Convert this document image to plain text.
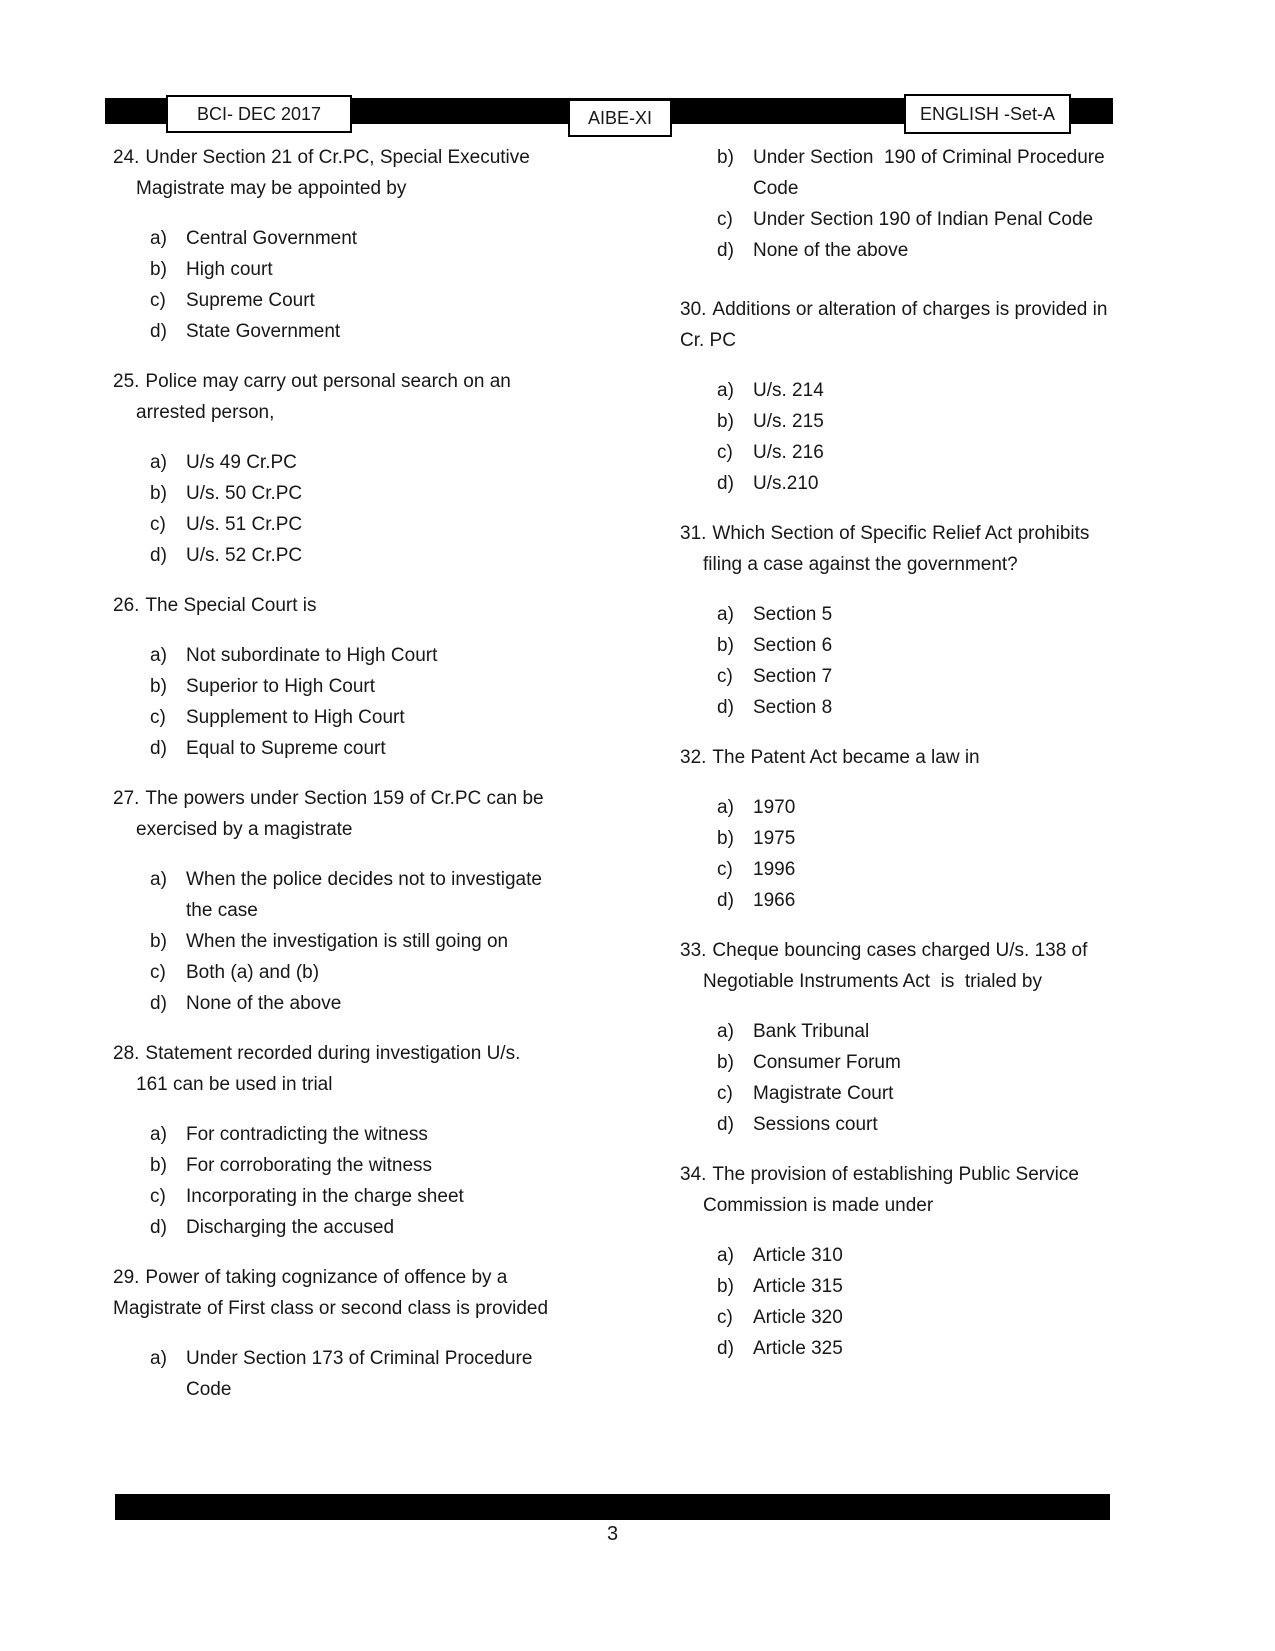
BCI- DEC 2017	AIBE-XI	ENGLISH -Set-A
24. Under Section 21 of Cr.PC, Special Executive
Magistrate may be appointed by
a)	Central Government
b)	High court
c)	Supreme Court
d)	State Government
25. Police may carry out personal search on an
arrested person,
a)	U/s 49 Cr.PC
b)	U/s. 50 Cr.PC
c)	U/s. 51 Cr.PC
d)	U/s. 52 Cr.PC
26. The Special Court is
a)	Not subordinate to High Court
b)	Superior to High Court
c)	Supplement to High Court
d)	Equal to Supreme court
27. The powers under Section 159 of Cr.PC can be
exercised by a magistrate
a)	When the police decides not to investigate
the case
b)	When the investigation is still going on
c)	Both (a) and (b)
d)	None of the above
28. Statement recorded during investigation U/s.
161 can be used in trial
a)	For contradicting the witness
b)	For corroborating the witness
c)	Incorporating in the charge sheet
d)	Discharging the accused
29. Power of taking cognizance of offence by a
Magistrate of First class or second class is provided
a)	Under Section 173 of Criminal Procedure
Code
b)	Under Section  190 of Criminal Procedure
Code
c)	Under Section 190 of Indian Penal Code
d)	None of the above
30. Additions or alteration of charges is provided in
Cr. PC
a)	U/s. 214
b)	U/s. 215
c)	U/s. 216
d)	U/s.210
31. Which Section of Specific Relief Act prohibits
filing a case against the government?
a)	Section 5
b)	Section 6
c)	Section 7
d)	Section 8
32. The Patent Act became a law in
a)	1970
b)	1975
c)	1996
d)	1966
33. Cheque bouncing cases charged U/s. 138 of
Negotiable Instruments Act  is  trialed by
a)	Bank Tribunal
b)	Consumer Forum
c)	Magistrate Court
d)	Sessions court
34. The provision of establishing Public Service
Commission is made under
a)	Article 310
b)	Article 315
c)	Article 320
d)	Article 325
3
